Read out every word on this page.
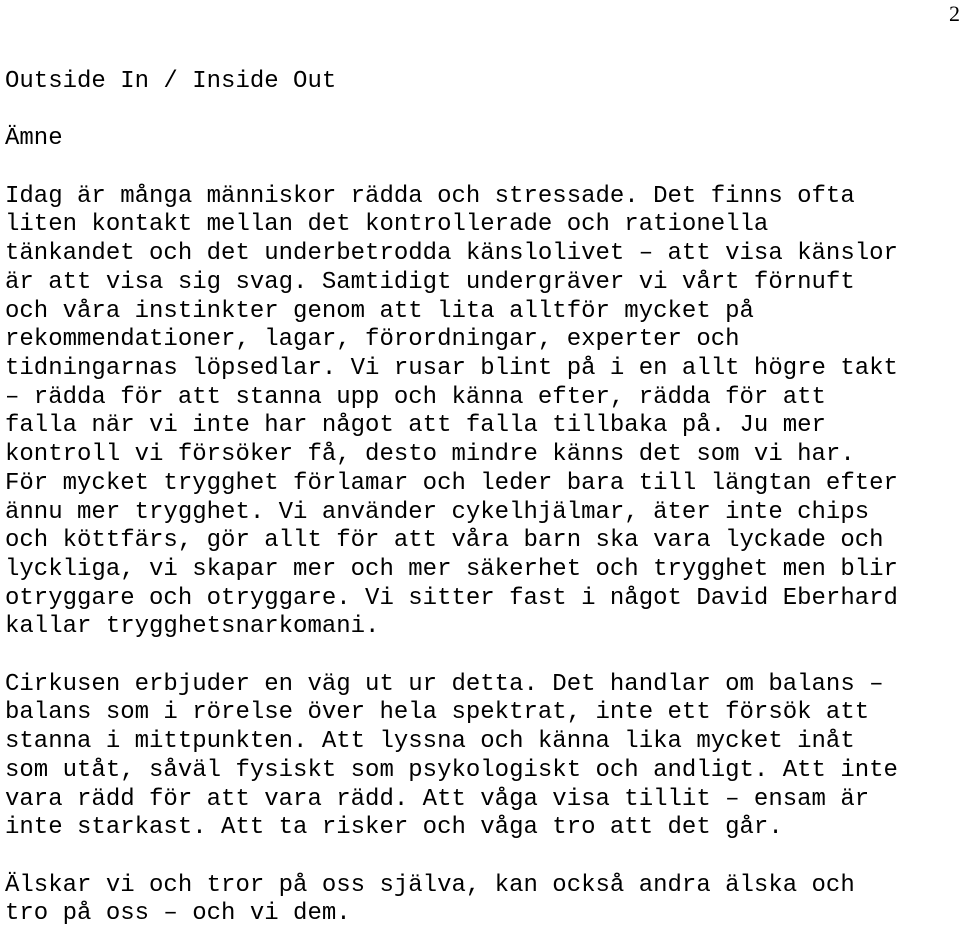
2

Outside In / Inside Out

Ämne

Idag är många människor rädda och stressade. Det finns ofta
liten kontakt mellan det kontrollerade och rationella
tänkandet och det underbetrodda känslolivet – att visa känslor
är att visa sig svag. Samtidigt undergräver vi vårt förnuft
och våra instinkter genom att lita alltför mycket på
rekommendationer, lagar, förordningar, experter och
tidningarnas löpsedlar. Vi rusar blint på i en allt högre takt
– rädda för att stanna upp och känna efter, rädda för att
falla när vi inte har något att falla tillbaka på. Ju mer
kontroll vi försöker få, desto mindre känns det som vi har.
För mycket trygghet förlamar och leder bara till längtan efter
ännu mer trygghet. Vi använder cykelhjälmar, äter inte chips
och köttfärs, gör allt för att våra barn ska vara lyckade och
lyckliga, vi skapar mer och mer säkerhet och trygghet men blir
otryggare och otryggare. Vi sitter fast i något David Eberhard
kallar trygghetsnarkomani.

Cirkusen erbjuder en väg ut ur detta. Det handlar om balans –
balans som i rörelse över hela spektrat, inte ett försök att
stanna i mittpunkten. Att lyssna och känna lika mycket inåt
som utåt, såväl fysiskt som psykologiskt och andligt. Att inte
vara rädd för att vara rädd. Att våga visa tillit – ensam är
inte starkast. Att ta risker och våga tro att det går.

Älskar vi och tror på oss själva, kan också andra älska och
tro på oss – och vi dem.
